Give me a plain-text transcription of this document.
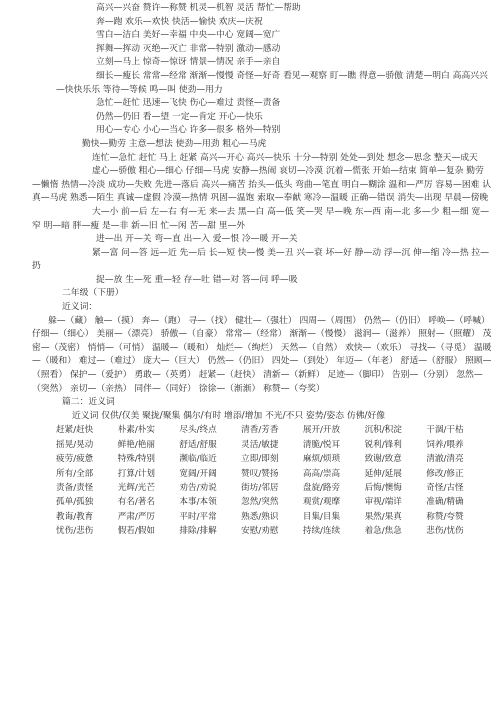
高兴—兴奋 赞许—称赞 机灵—机智 灵活 帮忙—帮助
奔—跑 欢乐—欢快 快活—愉快 欢庆—庆祝
雪白—洁白 美好—幸福 中央—中心 宽阔—宽广
挥舞—挥动 灭绝—灭亡 非常—特别 激动—感动
立刻—马上 惊奇—惊讶 情景—情况 亲手—亲自
细长—瘦长 常常—经常 渐渐—慢慢 奇怪—好奇 看见—观察 盯—瞧 得意—骄傲 清楚—明白 高高兴兴—快快乐乐 等待—等候 鸣—叫 使劲—用力
急忙—赶忙 迅速—飞快 伤心—难过 责怪—责备
仍然—仍旧 看—望 一定—肯定 开心—快乐
用心—专心 小心—当心 许多—很多 格外—特别
勤快—勤劳 主意—想法 使劲—用劲 粗心—马虎
连忙—急忙 赶忙 马上 赶紧 高兴—开心 高兴—快乐 十分—特别 处处—到处 想念—思念 整天—成天
虚心—骄傲 粗心—细心 仔细—马虎 安静—热闹 哀切—冷漠 沉着—慌张 开始—结束 简单—复杂 勤劳—懒惰 热情—冷淡 成功—失败 先进—落后 高兴—痛苦 抬头—低头 弯曲—笔直 明白—糊涂 温和—严厉 容易—困难 认真—马虎 熟悉—陌生 真诚—虚假 冷漠—热情 巩固—温饱 索取—奉献 寒冷—温暖 正确—错误 消失—出现 早晨—傍晚
大—小 前—后 左—右 有—无 来—去 黑—白 高—低 笑—哭 早—晚 东—西 南—北 多—少 粗—细 宽—窄 明—暗 胖—瘦 是—非 新—旧 忙—闲 苦—甜 里—外
进—出 开—关 弯—直 出—入 爱—恨 冷—暖 开—关
紧—富 问—答 远—近 先—后 长—短 快—慢 美—丑 兴—衰 坏—好 静—动 浮—沉 伸—缩 冷—热 拉—扔
捉—放 生—死 重—轻 存—吐 错—对 答—问 呼—吸
二年级（下册）
近义词：
躲—（藏） 触—（摸） 奔—（跑） 寻—（找） 健壮—（强壮） 四周—（周围） 仍然—（仍旧） 呼唤—（呼喊） 仔细—（细心） 美丽—（漂亮） 骄傲—（自豪） 常常—（经常） 渐渐—（慢慢） 滋润—（滋养） 照射—（照耀） 茂密—（茂密） 悄悄—（可悄） 温暖—（暖和） 灿烂—（绚烂） 天然—（自然） 欢快—（欢乐） 寻找—（寻觅） 温暖—（暖和） 难过—（难过） 庞大—（巨大） 仍然—（仍旧） 四处—（到处） 年迈—（年老） 舒适—（舒服） 照顾—（照看） 保护—（爱护） 勇敢—（英勇） 赶紧—（赶快） 清新—（新鲜） 足迹—（脚印） 告别—（分别） 忽然—（突然） 亲切—（亲热） 同伴—（同好） 徐徐—（渐渐） 称赞—（夸奖）
篇二：近义词
近义词 仅供/仅美 聚拢/聚集 偶尔/有时 增添/增加 不光/不只 姿势/姿态 仿佛/好像
赶紧/赶快	朴素/朴实	尽头/终点	清香/芳香	展开/开放	沉积/积淀	干涸/干枯
摇晃/晃动	鲜艳/艳丽	舒适/舒服	灵活/敏捷	清脆/悦耳	锐利/锋利	饲养/喂养
疲劳/疲惫	特殊/特别	濒临/临近	立即/即刻	麻烦/烦琐	致谢/致意	清澈/清亮
所有/全部	打算/计划	宽阔/开阔	赞叹/赞扬	高高/崇高	延伸/延展	修改/修正
责备/责怪	光辉/光芒	劝告/劝说	街坊/邻居	盘旋/路旁	后悔/懊悔	奇怪/古怪
孤单/孤独	有名/著名	本事/本领	忽然/突然	观赏/观摩	审视/端详	准确/精确
教诲/教育	严肃/严厉	平时/平常	熟悉/熟识	目集/目集	果然/果真	称赞/夸赞
忧伤/悲伤	假若/假如	排除/排解	安慰/劝慰	持续/连续	着急/焦急	悲伤/忧伤
